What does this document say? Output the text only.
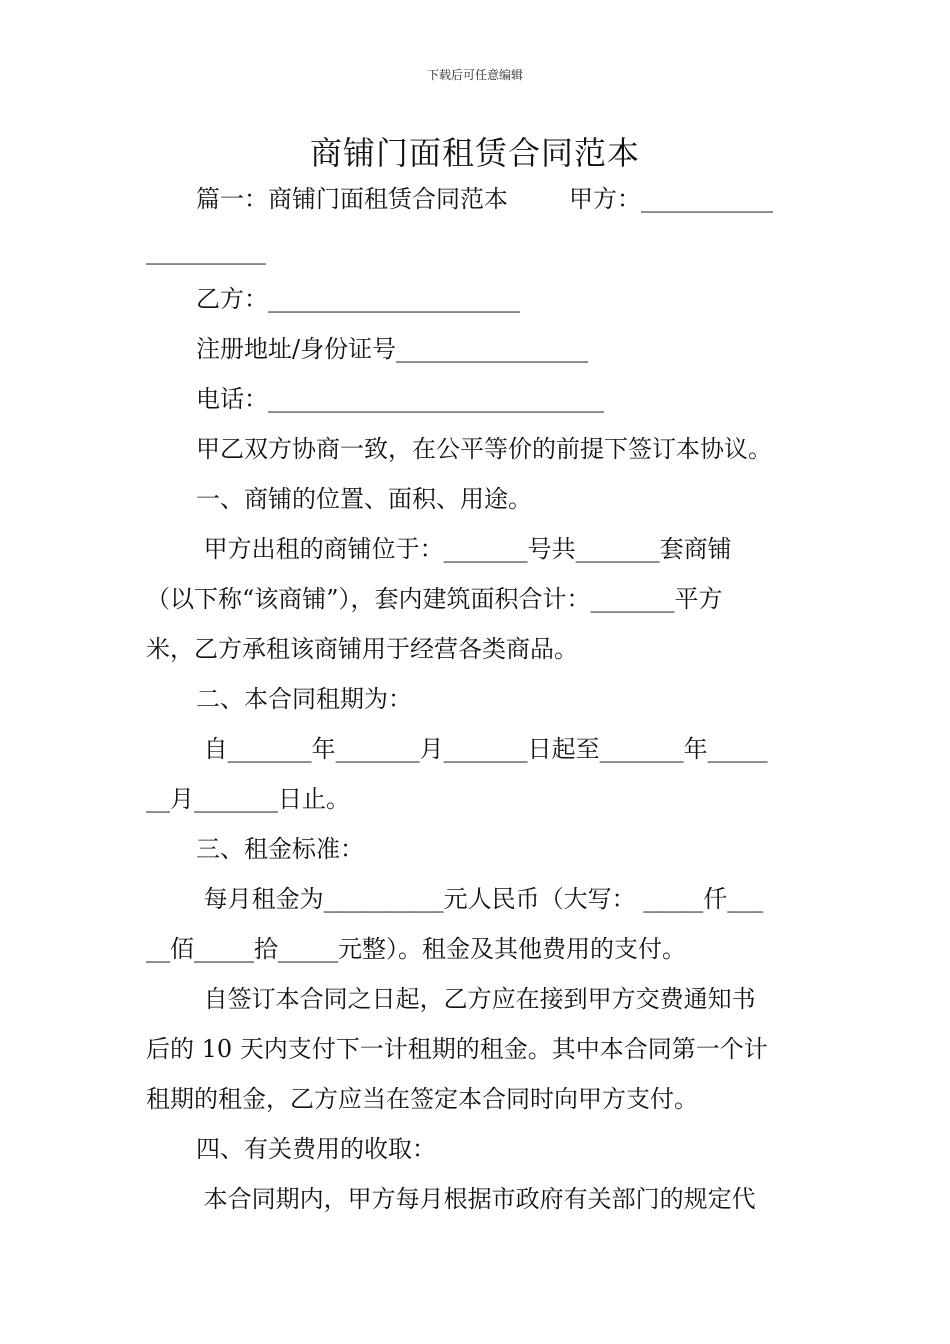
下载后可任意编辑
商铺门面租赁合同范本
篇一：商铺门面租赁合同范本        甲方：___________
__________
乙方：_____________________
注册地址/身份证号________________
电话：____________________________
甲乙双方协商一致，在公平等价的前提下签订本协议。
一、商铺的位置、面积、用途。
甲方出租的商铺位于：_______号共_______套商铺
（以下称“该商铺”），套内建筑面积合计：_______平方
米，乙方承租该商铺用于经营各类商品。
二、本合同租期为：
自_______年_______月_______日起至_______年_____
__月_______日止。
三、租金标准：
每月租金为__________元人民币（大写： _____仟___
__佰_____拾_____元整）。租金及其他费用的支付。
自签订本合同之日起，乙方应在接到甲方交费通知书
后的 10 天内支付下一计租期的租金。其中本合同第一个计
租期的租金，乙方应当在签定本合同时向甲方支付。
四、有关费用的收取：
本合同期内，甲方每月根据市政府有关部门的规定代
